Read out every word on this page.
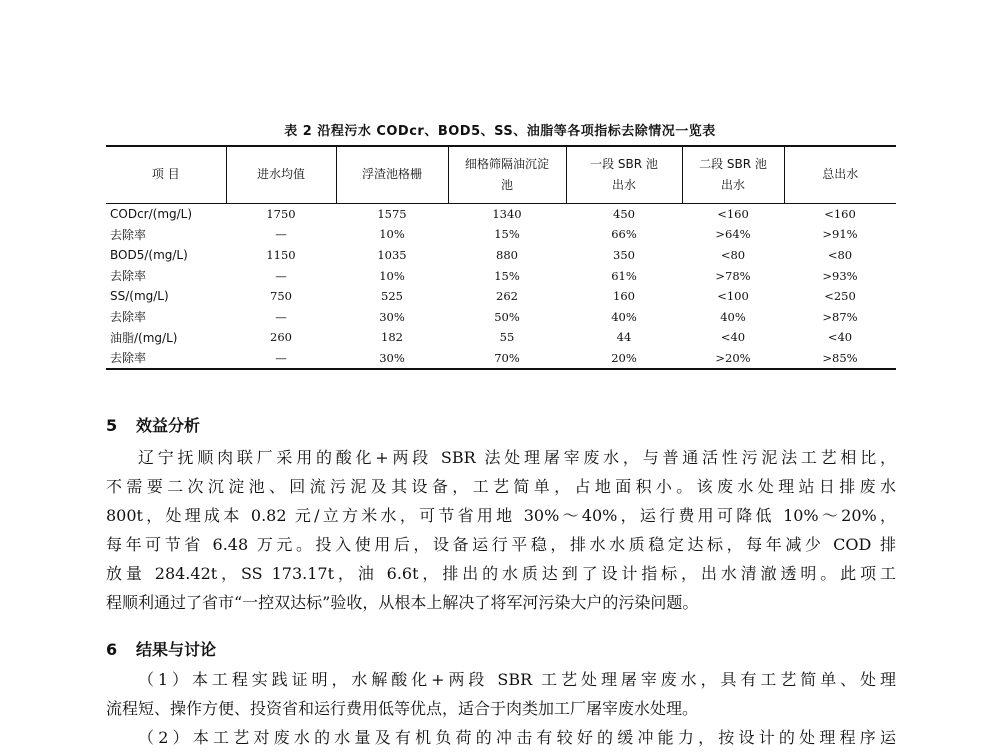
表 2 沿程污水 CODcr、BOD5、SS、油脂等各项指标去除情况一览表
项 目	进水均值	浮渣池格栅	细格筛隔油沉淀池	一段 SBR 池出水	二段 SBR 池出水	总出水
CODcr/(mg/L)	1750	1575	1340	450	<160	<160
去除率	—	10%	15%	66%	>64%	>91%
BOD5/(mg/L)	1150	1035	880	350	<80	<80
去除率	—	10%	15%	61%	>78%	>93%
SS/(mg/L)	750	525	262	160	<100	<250
去除率	—	30%	50%	40%	40%	>87%
油脂/(mg/L)	260	182	55	44	<40	<40
去除率	—	30%	70%	20%	>20%	>85%
5 效益分析
辽宁抚顺肉联厂采用的酸化+两段 SBR 法处理屠宰废水，与普通活性污泥法工艺相比，
不需要二次沉淀池、回流污泥及其设备，工艺简单，占地面积小。该废水处理站日排废水
800t，处理成本 0.82 元/立方米水，可节省用地 30%～40%，运行费用可降低 10%～20%，
每年可节省 6.48 万元。投入使用后，设备运行平稳，排水水质稳定达标，每年减少 COD 排
放量 284.42t，SS 173.17t，油 6.6t，排出的水质达到了设计指标，出水清澈透明。此项工
程顺利通过了省市“一控双达标”验收，从根本上解决了将军河污染大户的污染问题。
6 结果与讨论
（1）本工程实践证明，水解酸化+两段 SBR 工艺处理屠宰废水，具有工艺简单、处理
流程短、操作方便、投资省和运行费用低等优点，适合于肉类加工厂屠宰废水处理。
（2）本工艺对废水的水量及有机负荷的冲击有较好的缓冲能力，按设计的处理程序运
